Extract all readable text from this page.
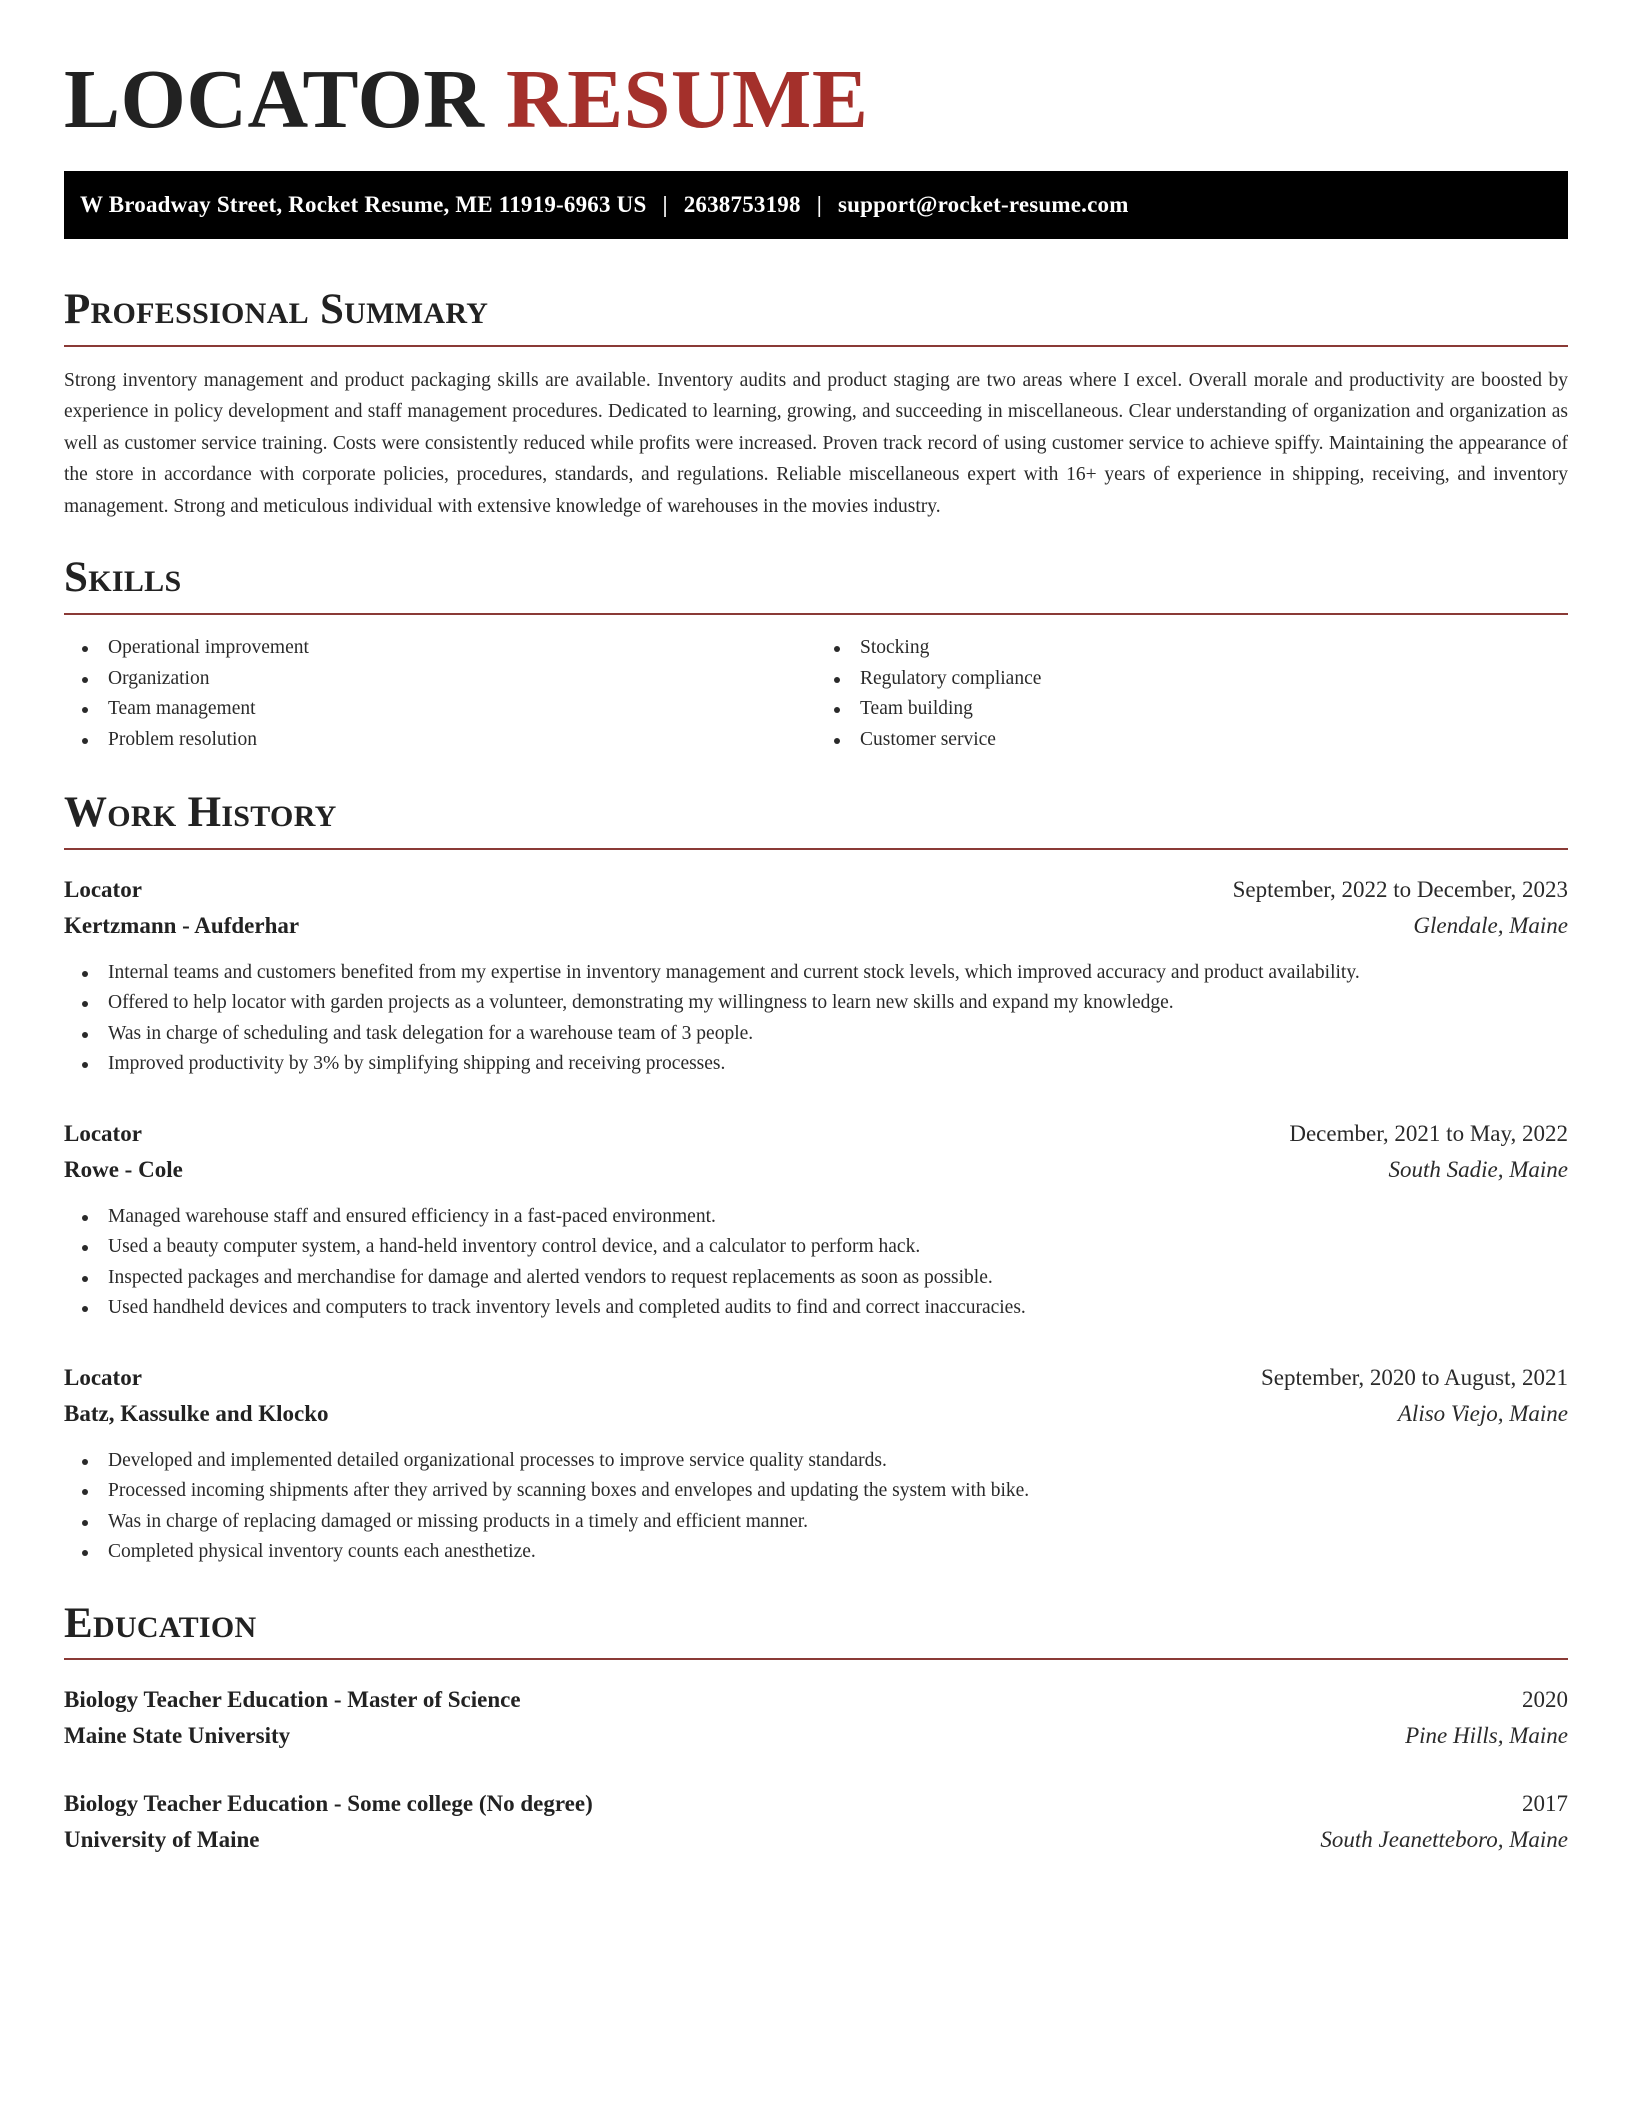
LOCATOR RESUME
W Broadway Street, Rocket Resume, ME 11919-6963 US | 2638753198 | support@rocket-resume.com
Professional Summary

Strong inventory management and product packaging skills are available. Inventory audits and product staging are two areas where I excel. Overall morale and productivity are boosted by experience in policy development and staff management procedures. Dedicated to learning, growing, and succeeding in miscellaneous. Clear understanding of organization and organization as well as customer service training. Costs were consistently reduced while profits were increased. Proven track record of using customer service to achieve spiffy. Maintaining the appearance of the store in accordance with corporate policies, procedures, standards, and regulations. Reliable miscellaneous expert with 16+ years of experience in shipping, receiving, and inventory management. Strong and meticulous individual with extensive knowledge of warehouses in the movies industry.

Skills
Operational improvement
Organization
Team management
Problem resolution
Stocking
Regulatory compliance
Team building
Customer service
Work History
Locator	September, 2022 to December, 2023
Kertzmann - Aufderhar	Glendale, Maine
Internal teams and customers benefited from my expertise in inventory management and current stock levels, which improved accuracy and product availability.
Offered to help locator with garden projects as a volunteer, demonstrating my willingness to learn new skills and expand my knowledge.
Was in charge of scheduling and task delegation for a warehouse team of 3 people.
Improved productivity by 3% by simplifying shipping and receiving processes.
Locator	December, 2021 to May, 2022
Rowe - Cole	South Sadie, Maine
Managed warehouse staff and ensured efficiency in a fast-paced environment.
Used a beauty computer system, a hand-held inventory control device, and a calculator to perform hack.
Inspected packages and merchandise for damage and alerted vendors to request replacements as soon as possible.
Used handheld devices and computers to track inventory levels and completed audits to find and correct inaccuracies.
Locator	September, 2020 to August, 2021
Batz, Kassulke and Klocko	Aliso Viejo, Maine
Developed and implemented detailed organizational processes to improve service quality standards.
Processed incoming shipments after they arrived by scanning boxes and envelopes and updating the system with bike.
Was in charge of replacing damaged or missing products in a timely and efficient manner.
Completed physical inventory counts each anesthetize.
Education
Biology Teacher Education - Master of Science	2020
Maine State University	Pine Hills, Maine
Biology Teacher Education - Some college (No degree)	2017
University of Maine	South Jeanetteboro, Maine
